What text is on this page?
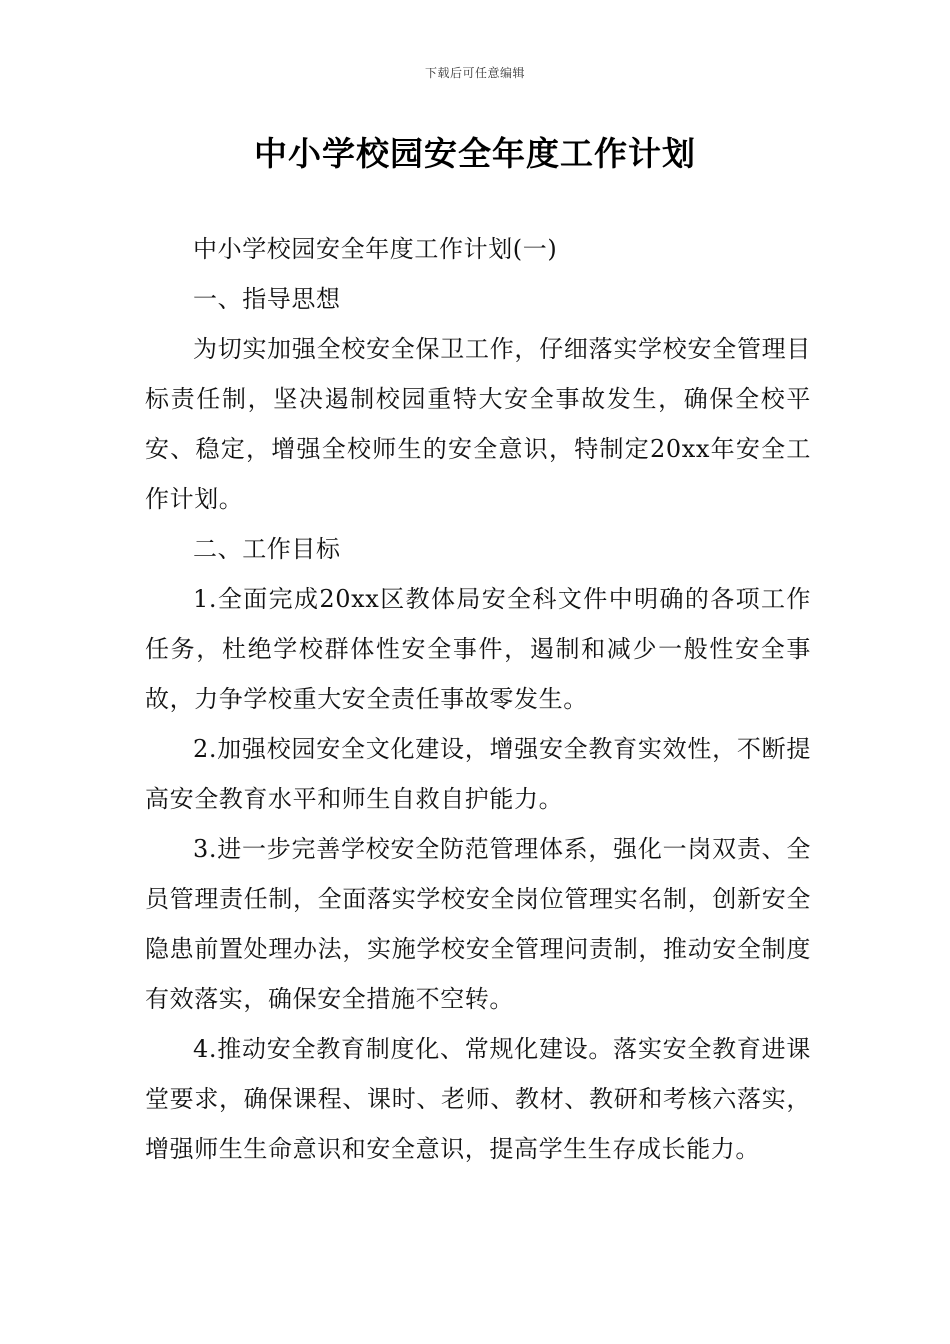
下载后可任意编辑
中小学校园安全年度工作计划

中小学校园安全年度工作计划(一)

一、指导思想

为切实加强全校安全保卫工作，仔细落实学校安全管理目标责任制，坚决遏制校园重特大安全事故发生，确保全校平安、稳定，增强全校师生的安全意识，特制定20xx年安全工作计划。

二、工作目标

1.全面完成20xx区教体局安全科文件中明确的各项工作任务，杜绝学校群体性安全事件，遏制和减少一般性安全事故，力争学校重大安全责任事故零发生。

2.加强校园安全文化建设，增强安全教育实效性，不断提高安全教育水平和师生自救自护能力。

3.进一步完善学校安全防范管理体系，强化一岗双责、全员管理责任制，全面落实学校安全岗位管理实名制，创新安全隐患前置处理办法，实施学校安全管理问责制，推动安全制度有效落实，确保安全措施不空转。

4.推动安全教育制度化、常规化建设。落实安全教育进课堂要求，确保课程、课时、老师、教材、教研和考核六落实，增强师生生命意识和安全意识，提高学生生存成长能力。
